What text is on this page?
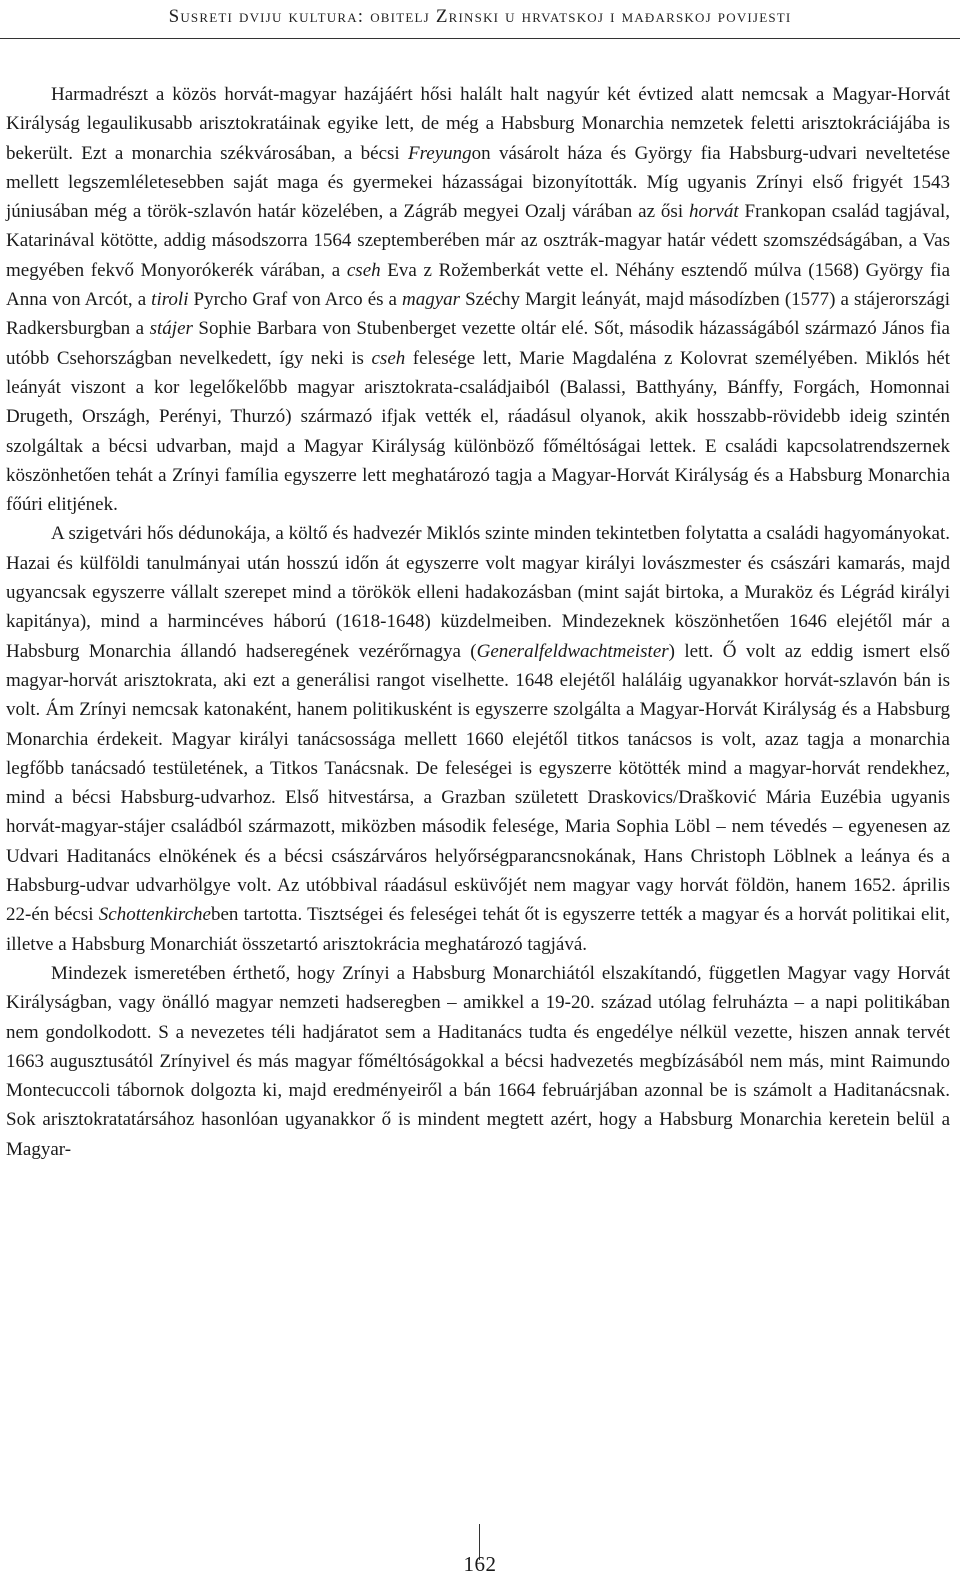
Susreti dviju kultura: obitelj Zrinski u hrvatskoj i mađarskoj povijesti

Harmadrészt a közös horvát-magyar hazájáért hősi halált halt nagyúr két évtized alatt nemcsak a Magyar-Horvát Királyság legaulikusabb arisztokratáinak egyike lett, de még a Habsburg Monarchia nemzetek feletti arisztokráciájába is bekerült. Ezt a monarchia székvárosában, a bécsi Freyungon vásárolt háza és György fia Habsburg-udvari neveltetése mellett legszemléletesebben saját maga és gyermekei házasságai bizonyították. Míg ugyanis Zrínyi első frigyét 1543 júniusában még a török-szlavón határ közelében, a Zágráb megyei Ozalj várában az ősi horvát Frankopan család tagjával, Katarinával kötötte, addig másodszorra 1564 szeptemberében már az osztrák-magyar határ védett szomszédságában, a Vas megyében fekvő Monyorókerék várában, a cseh Eva z Rožemberkát vette el. Néhány esztendő múlva (1568) György fia Anna von Arcót, a tiroli Pyrcho Graf von Arco és a magyar Széchy Margit leányát, majd másodízben (1577) a stájerországi Radkersburgban a stájer Sophie Barbara von Stubenberget vezette oltár elé. Sőt, második házasságából származó János fia utóbb Csehországban nevelkedett, így neki is cseh felesége lett, Marie Magdaléna z Kolovrat személyében. Miklós hét leányát viszont a kor legelőkelőbb magyar arisztokrata-családjaiból (Balassi, Batthyány, Bánffy, Forgách, Homonnai Drugeth, Országh, Perényi, Thurzó) származó ifjak vették el, ráadásul olyanok, akik hosszabb-rövidebb ideig szintén szolgáltak a bécsi udvarban, majd a Magyar Királyság különböző főméltóságai lettek. E családi kapcsolatrendszernek köszönhetően tehát a Zrínyi família egyszerre lett meghatározó tagja a Magyar-Horvát Királyság és a Habsburg Monarchia főúri elitjének.

A szigetvári hős dédunokája, a költő és hadvezér Miklós szinte minden tekintetben folytatta a családi hagyományokat. Hazai és külföldi tanulmányai után hosszú időn át egyszerre volt magyar királyi lovászmester és császári kamarás, majd ugyancsak egyszerre vállalt szerepet mind a törökök elleni hadakozásban (mint saját birtoka, a Muraköz és Légrád királyi kapitánya), mind a harmincéves háború (1618-1648) küzdelmeiben. Mindezeknek köszönhetően 1646 elejétől már a Habsburg Monarchia állandó hadseregének vezérőrnagya (Generalfeldwachtmeister) lett. Ő volt az eddig ismert első magyar-horvát arisztokrata, aki ezt a generálisi rangot viselhette. 1648 elejétől haláláig ugyanakkor horvát-szlavón bán is volt. Ám Zrínyi nemcsak katonaként, hanem politikusként is egyszerre szolgálta a Magyar-Horvát Királyság és a Habsburg Monarchia érdekeit. Magyar királyi tanácsossága mellett 1660 elejétől titkos tanácsos is volt, azaz tagja a monarchia legfőbb tanácsadó testületének, a Titkos Tanácsnak. De feleségei is egyszerre kötötték mind a magyar-horvát rendekhez, mind a bécsi Habsburg-udvarhoz. Első hitvestársa, a Grazban született Draskovics/Drašković Mária Euzébia ugyanis horvát-magyar-stájer családból származott, miközben második felesége, Maria Sophia Löbl – nem tévedés – egyenesen az Udvari Haditanács elnökének és a bécsi császárváros helyőrségparancsnokának, Hans Christoph Löblnek a leánya és a Habsburg-udvar udvarhölgye volt. Az utóbbival ráadásul esküvőjét nem magyar vagy horvát földön, hanem 1652. április 22-én bécsi Schottenkircheben tartotta. Tisztségei és feleségei tehát őt is egyszerre tették a magyar és a horvát politikai elit, illetve a Habsburg Monarchiát összetartó arisztokrácia meghatározó tagjává.

Mindezek ismeretében érthető, hogy Zrínyi a Habsburg Monarchiától elszakítandó, független Magyar vagy Horvát Királyságban, vagy önálló magyar nemzeti hadseregben – amikkel a 19-20. század utólag felruházta – a napi politikában nem gondolkodott. S a nevezetes téli hadjáratot sem a Haditanács tudta és engedélye nélkül vezette, hiszen annak tervét 1663 augusztusától Zrínyivel és más magyar főméltóságokkal a bécsi hadvezetés megbízásából nem más, mint Raimundo Montecuccoli tábornok dolgozta ki, majd eredményeiről a bán 1664 februárjában azonnal be is számolt a Haditanácsnak. Sok arisztokratatársához hasonlóan ugyanakkor ő is mindent megtett azért, hogy a Habsburg Monarchia keretein belül a Magyar-

162
